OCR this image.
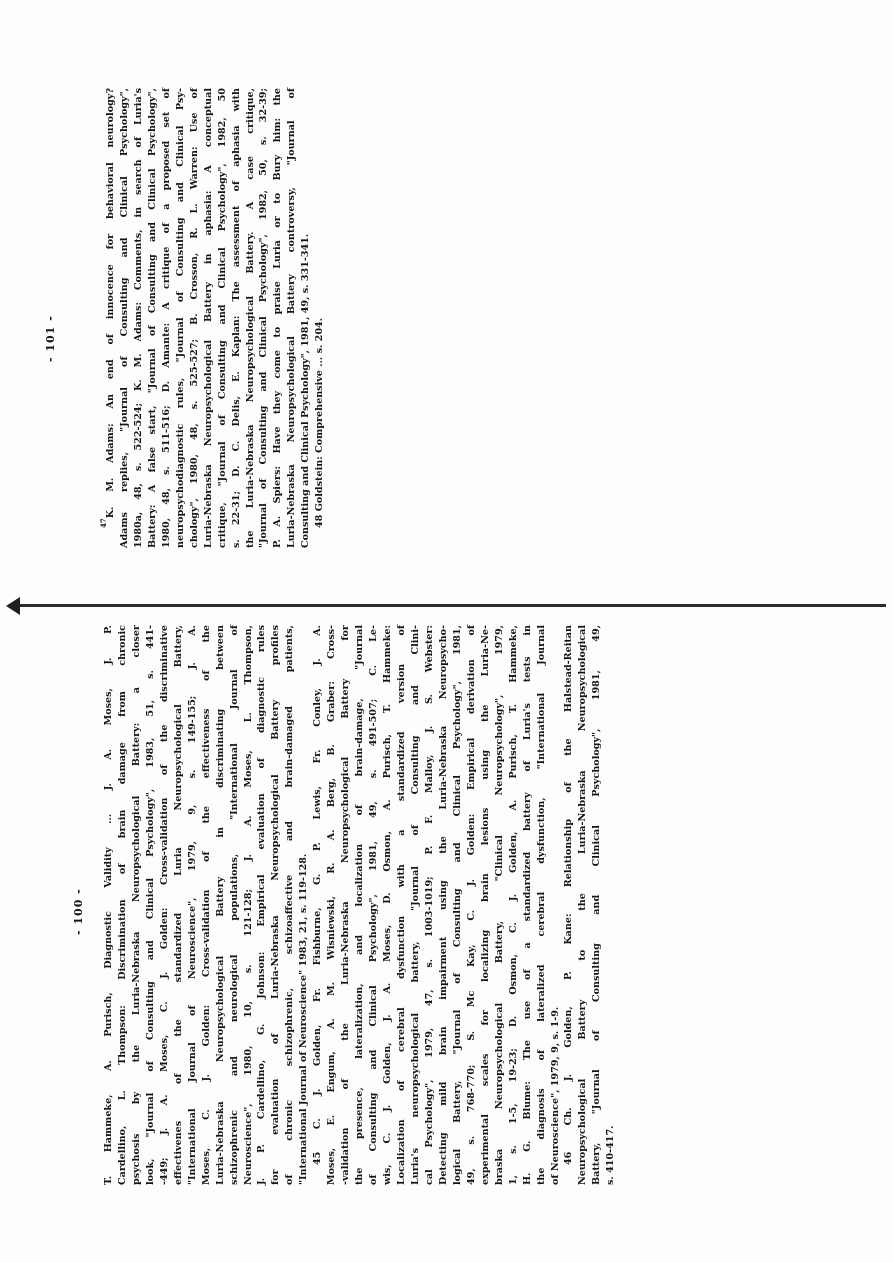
- 100 - T. Hammeke, A. Purisch, Diagnostic Validity ... J. A. Moses, J. P. Cardellino, L. Thompson: Discrimination of brain damage from chronic psychosis by the Luria-Nebraska Neuropsychological Battery: a closer look, "Journal of Consulting and Clinical Psychology", 1983, 51, s. 441- -449; J. A. Moses, C. J. Golden: Cross-validation of the discriminative effectivenes of the standardized Luria Neuropsychological Battery, "International Journal of Neuroscience", 1979, 9, s. 149-155; J. A. Moses, C. J. Golden: Cross-validation of the effectiveness of the Luria-Nebraska Neuropsychological Battery in discriminating between schizophrenic and neurological populations, "International Journal of Neuroscience", 1980, 10, s. 121-128; J. A. Moses, L. Thompson, J. P. Cardellino, G. Johnson: Empirical evaluation of diagnostic rules for evaluation of Luria-Nebraska Neuropsychological Battery profiles of chronic schizophrenic, schizoaffective and brain-damaged patients, "International Journal of Neuroscience" 1983, 21, s. 119-128. 45 C. J. Golden, Fr. Fishburne, G. P. Lewis, Fr. Conley, J. A. Moses, E. Engum, A. M. Wisniewski, R. A. Berg, B. Graber: Cross- -validation of the Luria-Nebraska Neuropsychological Battery for the presence, lateralization, and localization of brain-damage, "Journal of Consulting and Clinical Psychology", 1981, 49, s. 491-507; C. Le- wis, C. J. Golden, J. A. Moses, D. Osmon, A. Purisch, T. Hammeke: Localization of cerebral dysfunction with a standardized version of Luria's neuropsychological battery, "Journal of Consulting and Clini- cal Psychology", 1979, 47, s. 1003-1019; P. F. Malloy, J. S. Webster: Detecting mild brain impairment using the Luria-Nebraska Neuropsycho- logical Battery, "Journal of Consulting and Clinical Psychology", 1981, 49, s. 768-770; S. Mc Kay, C. J. Golden: Empirical derivation of experimental scales for localizing brain lesions using the Luria-Ne- braska Neuropsychological Battery, "Clinical Neuropsychology", 1979, 1, s. 1-5, 19-23; D. Osmon, C. J. Golden, A. Purisch, T. Hammeke, H. G. Blume: The use of a standardized battery of Luria's tests in the diagnosis of lateralized cerebral dysfunction, "International Journal of Neuroscience", 1979, 9, s. 1-9. 46 Ch. J. Golden, P. Kane: Relationship of the Halstead-Reitan Neuropsychological Battery to the Luria-Nebraska Neuropsychological Battery, "Journal of Consulting and Clinical Psychology", 1981, 49, s. 410-417.
- 101 -
$^{47}$K. M. Adams: An end of innocence for behavioral neurology? Adams replies, "Journal of Consulting and Clinical Psychology", 1980a, 48, s. 522-524; K. M. Adams: Comments, in search of Luria's Battery: A false start, "Journal of Consulting and Clinical Psychology", 1980, 48, s. 511-516; D. Amante: A critique of a proposed set of neuropsychodiagnostic rules, "Journal of Consulting and Clinical Psy- chology", 1980, 48, s. 525-527; B. Crosson, R. L. Warren: Use of Luria-Nebraska Neuropsychological Battery in aphasia: A conceptual critique, "Journal of Consulting and Clinical Psychology", 1982, 50 s. 22-31; D. C. Delis, E. Kaplan: The assessment of aphasia with the Luria-Nebraska Neuropsychological Battery. A case critique, "Journal of Consulting and Clinical Psychology", 1982, 50, s. 32-39; P. A. Spiers: Have they come to praise Luria or to Bury him: the Luria-Nebraska Neuropsychological Battery controversy, "Journal of Consulting and Clinical Psychology", 1981, 49, s. 331-341. 48 Goldstein: Comprehensive ... s. 204.
